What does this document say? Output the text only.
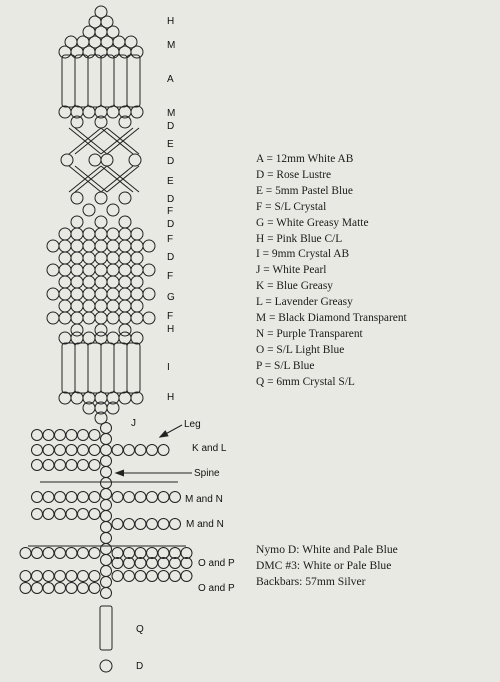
H
M
A
M
D
E
D
E
D
F
D
F
D
F
G
F
H
I
H
J	Leg
K and L
Spine
M and N
M and N
O and P
O and P
Q
D
A = 12mm White AB
D = Rose Lustre
E = 5mm Pastel Blue
F = S/L Crystal
G = White Greasy Matte
H = Pink Blue C/L
I = 9mm Crystal AB
J = White Pearl
K = Blue Greasy
L = Lavender Greasy
M = Black Diamond Transparent
N = Purple Transparent
O = S/L Light Blue
P = S/L Blue
Q = 6mm Crystal S/L
Nymo D: White and Pale Blue
DMC #3: White or Pale Blue
Backbars: 57mm Silver
